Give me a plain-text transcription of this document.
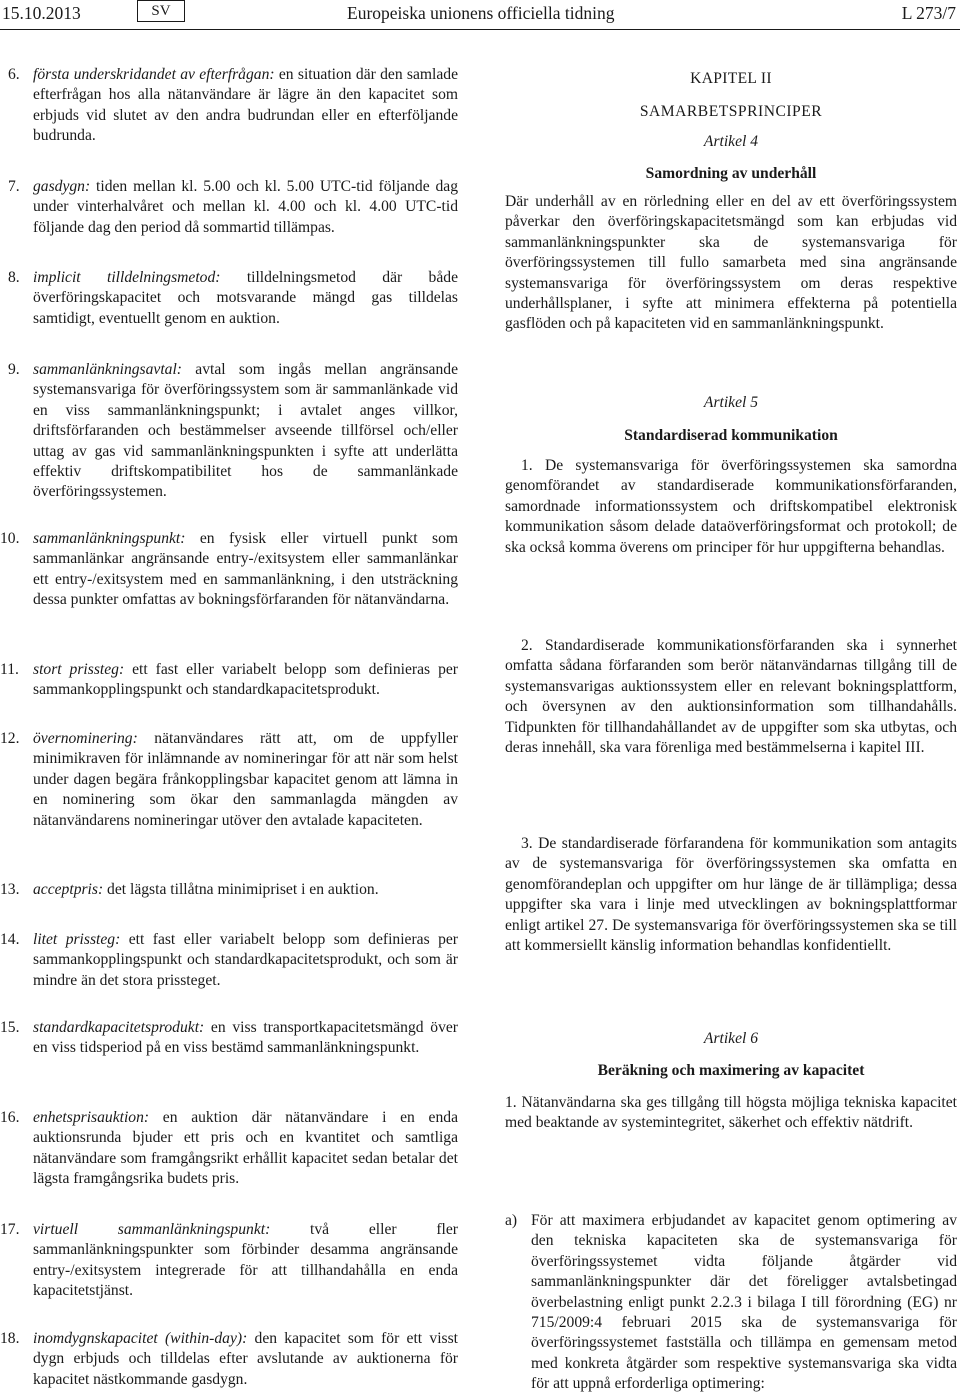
15.10.2013	SV	Europeiska unionens officiella tidning	L 273/7

6. första underskridandet av efterfrågan: en situation där den samlade efterfrågan hos alla nätanvändare är lägre än den kapacitet som erbjuds vid slutet av den andra budrundan eller en efterföljande budrunda.

7. gasdygn: tiden mellan kl. 5.00 och kl. 5.00 UTC-tid följande dag under vinterhalvåret och mellan kl. 4.00 och kl. 4.00 UTC-tid följande dag den period då sommartid tillämpas.

8. implicit tilldelningsmetod: tilldelningsmetod där både överföringskapacitet och motsvarande mängd gas tilldelas samtidigt, eventuellt genom en auktion.

9. sammanlänkningsavtal: avtal som ingås mellan angränsande systemansvariga för överföringssystem som är sammanlänkade vid en viss sammanlänkningspunkt; i avtalet anges villkor, driftsförfaranden och bestämmelser avseende tillförsel och/eller uttag av gas vid sammanlänkningspunkten i syfte att underlätta effektiv driftskompatibilitet hos de sammanlänkade överföringssystemen.

10. sammanlänkningspunkt: en fysisk eller virtuell punkt som sammanlänkar angränsande entry-/exitsystem eller sammanlänkar ett entry-/exitsystem med en sammanlänkning, i den utsträckning dessa punkter omfattas av bokningsförfaranden för nätanvändarna.

11. stort prissteg: ett fast eller variabelt belopp som definieras per sammankopplingspunkt och standardkapacitetsprodukt.

12. övernominering: nätanvändares rätt att, om de uppfyller minimikraven för inlämnande av nomineringar för att när som helst under dagen begära frånkopplingsbar kapacitet genom att lämna in en nominering som ökar den sammanlagda mängden av nätanvändarens nomineringar utöver den avtalade kapaciteten.

13. acceptpris: det lägsta tillåtna minimipriset i en auktion.

14. litet prissteg: ett fast eller variabelt belopp som definieras per sammankopplingspunkt och standardkapacitetsprodukt, och som är mindre än det stora prissteget.

15. standardkapacitetsprodukt: en viss transportkapacitetsmängd över en viss tidsperiod på en viss bestämd sammanlänkningspunkt.

16. enhetsprisauktion: en auktion där nätanvändare i en enda auktionsrunda bjuder ett pris och en kvantitet och samtliga nätanvändare som framgångsrikt erhållit kapacitet sedan betalar det lägsta framgångsrika budets pris.

17. virtuell sammanlänkningspunkt: två eller fler sammanlänkningspunkter som förbinder desamma angränsande entry-/exitsystem integrerade för att tillhandahålla en enda kapacitetstjänst.

18. inomdygnskapacitet (within-day): den kapacitet som för ett visst dygn erbjuds och tilldelas efter avslutande av auktionerna för kapacitet nästkommande gasdygn.

KAPITEL II

SAMARBETSPRINCIPER

Artikel 4

Samordning av underhåll

Där underhåll av en rörledning eller en del av ett överföringssystem påverkar den överföringskapacitetsmängd som kan erbjudas vid sammanlänkningspunkter ska de systemansvariga för överföringssystemen till fullo samarbeta med sina angränsande systemansvariga för överföringssystem om deras respektive underhållsplaner, i syfte att minimera effekterna på potentiella gasflöden och på kapaciteten vid en sammanlänkningspunkt.

Artikel 5

Standardiserad kommunikation

1. De systemansvariga för överföringssystemen ska samordna genomförandet av standardiserade kommunikationsförfaranden, samordnade informationssystem och driftskompatibel elektronisk kommunikation såsom delade dataöverföringsformat och protokoll; de ska också komma överens om principer för hur uppgifterna behandlas.

2. Standardiserade kommunikationsförfaranden ska i synnerhet omfatta sådana förfaranden som berör nätanvändarnas tillgång till de systemansvarigas auktionssystem eller en relevant bokningsplattform, och översynen av den auktionsinformation som tillhandahålls. Tidpunkten för tillhandahållandet av de uppgifter som ska utbytas, och deras innehåll, ska vara förenliga med bestämmelserna i kapitel III.

3. De standardiserade förfarandena för kommunikation som antagits av de systemansvariga för överföringssystemen ska omfatta en genomförandeplan och uppgifter om hur länge de är tillämpliga; dessa uppgifter ska vara i linje med utvecklingen av bokningsplattformar enligt artikel 27. De systemansvariga för överföringssystemen ska se till att kommersiellt känslig information behandlas konfidentiellt.

Artikel 6

Beräkning och maximering av kapacitet

1. Nätanvändarna ska ges tillgång till högsta möjliga tekniska kapacitet med beaktande av systemintegritet, säkerhet och effektiv nätdrift.

a) För att maximera erbjudandet av kapacitet genom optimering av den tekniska kapaciteten ska de systemansvariga för överföringssystemet vidta följande åtgärder vid sammanlänkningspunkter där det föreligger avtalsbetingad överbelastning enligt punkt 2.2.3 i bilaga I till förordning (EG) nr 715/2009:4 februari 2015 ska de systemansvariga för överföringssystemet fastställa och tillämpa en gemensam metod med konkreta åtgärder som respektive systemansvariga ska vidta för att uppnå erforderliga optimering:
